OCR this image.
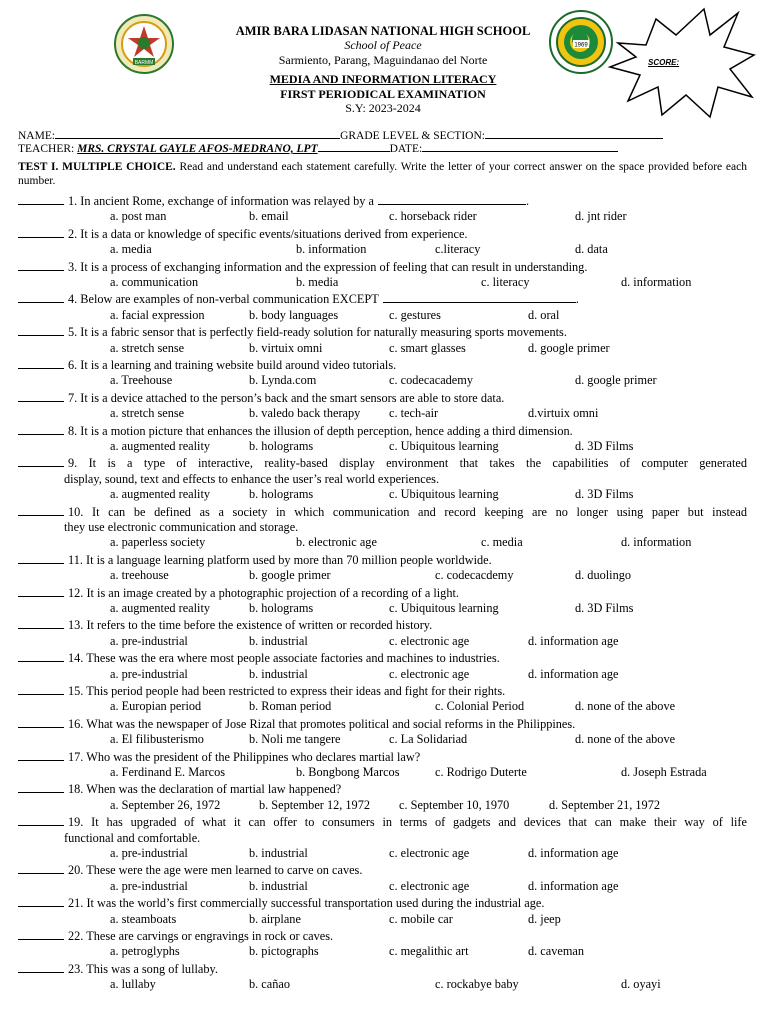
BARMM
AMIR BARA LIDASAN NATIONAL HIGH SCHOOL
School of Peace
Sarmiento, Parang, Maguindanao del Norte
MEDIA AND INFORMATION LITERACY
FIRST PERIODICAL EXAMINATION
S.Y: 2023-2024
1969
SCORE:
NAME:	GRADE LEVEL & SECTION:
TEACHER: MRS. CRYSTAL GAYLE AFOS-MEDRANO, LPT	DATE:
TEST I. MULTIPLE CHOICE. Read and understand each statement carefully. Write the letter of your correct answer on the space provided before each number.
1. In ancient Rome, exchange of information was relayed by a	.
a. post man	b. email	c. horseback rider	d. jnt rider
2. It is a data or knowledge of specific events/situations derived from experience.
a. media	b. information	c.literacy	d. data
3. It is a process of exchanging information and the expression of feeling that can result in understanding.
a. communication	b. media	c. literacy	d. information
4. Below are examples of non-verbal communication EXCEPT	.
a. facial expression	b. body languages	c. gestures	d. oral
5. It is a fabric sensor that is perfectly field-ready solution for naturally measuring sports movements.
a. stretch sense	b. virtuix omni	c. smart glasses	d. google primer
6. It is a learning and training website build around video tutorials.
a. Treehouse	b. Lynda.com	c. codecacademy	d. google primer
7. It is a device attached to the person’s back and the smart sensors are able to store data.
a. stretch sense	b. valedo back therapy c. tech-air	d.virtuix omni
8. It is a motion picture that enhances the illusion of depth perception, hence adding a third dimension.
a. augmented reality	b. holograms	c. Ubiquitous learning	d. 3D Films
9. It is a type of interactive, reality-based display environment that takes the capabilities of computer generated
display, sound, text and effects to enhance the user’s real world experiences.
a. augmented reality	b. holograms	c. Ubiquitous learning	d. 3D Films
10. It can be defined as a society in which communication and record keeping are no longer using paper but instead
they use electronic communication and storage.
a. paperless society	b. electronic age	c. media	d. information
11. It is a language learning platform used by more than 70 million people worldwide.
a. treehouse	b. google primer	c. codecacdemy	d. duolingo
12. It is an image created by a photographic projection of a recording of a light.
a. augmented reality	b. holograms	c. Ubiquitous learning	d. 3D Films
13. It refers to the time before the existence of written or recorded history.
a. pre-industrial	b. industrial	c. electronic age	d. information age
14. These was the era where most people associate factories and machines to industries.
a. pre-industrial	b. industrial	c. electronic age	d. information age
15. This period people had been restricted to express their ideas and fight for their rights.
a. Europian period	b. Roman period	c. Colonial Period	d. none of the above
16. What was the newspaper of Jose Rizal that promotes political and social reforms in the Philippines.
a. El filibusterismo	b. Noli me tangere	c. La Solidariad	d. none of the above
17. Who was the president of the Philippines who declares martial law?
a. Ferdinand E. Marcos	b. Bongbong Marcos	c. Rodrigo Duterte	d. Joseph Estrada
18. When was the declaration of martial law happened?
a. September 26, 1972	b. September 12, 1972 c. September 10, 1970	d. September 21, 1972
19. It has upgraded of what it can offer to consumers in terms of gadgets and devices that can make their way of life
functional and comfortable.
a. pre-industrial	b. industrial	c. electronic age	d. information age
20. These were the age were men learned to carve on caves.
a. pre-industrial	b. industrial	c. electronic age	d. information age
21. It was the world’s first commercially successful transportation used during the industrial age.
a. steamboats	b. airplane	c. mobile car	d. jeep
22. These are carvings or engravings in rock or caves.
a. petroglyphs	b. pictographs	c. megalithic art	d. caveman
23. This was a song of lullaby.
a. lullaby	b. cañao	c. rockabye baby	d. oyayi
